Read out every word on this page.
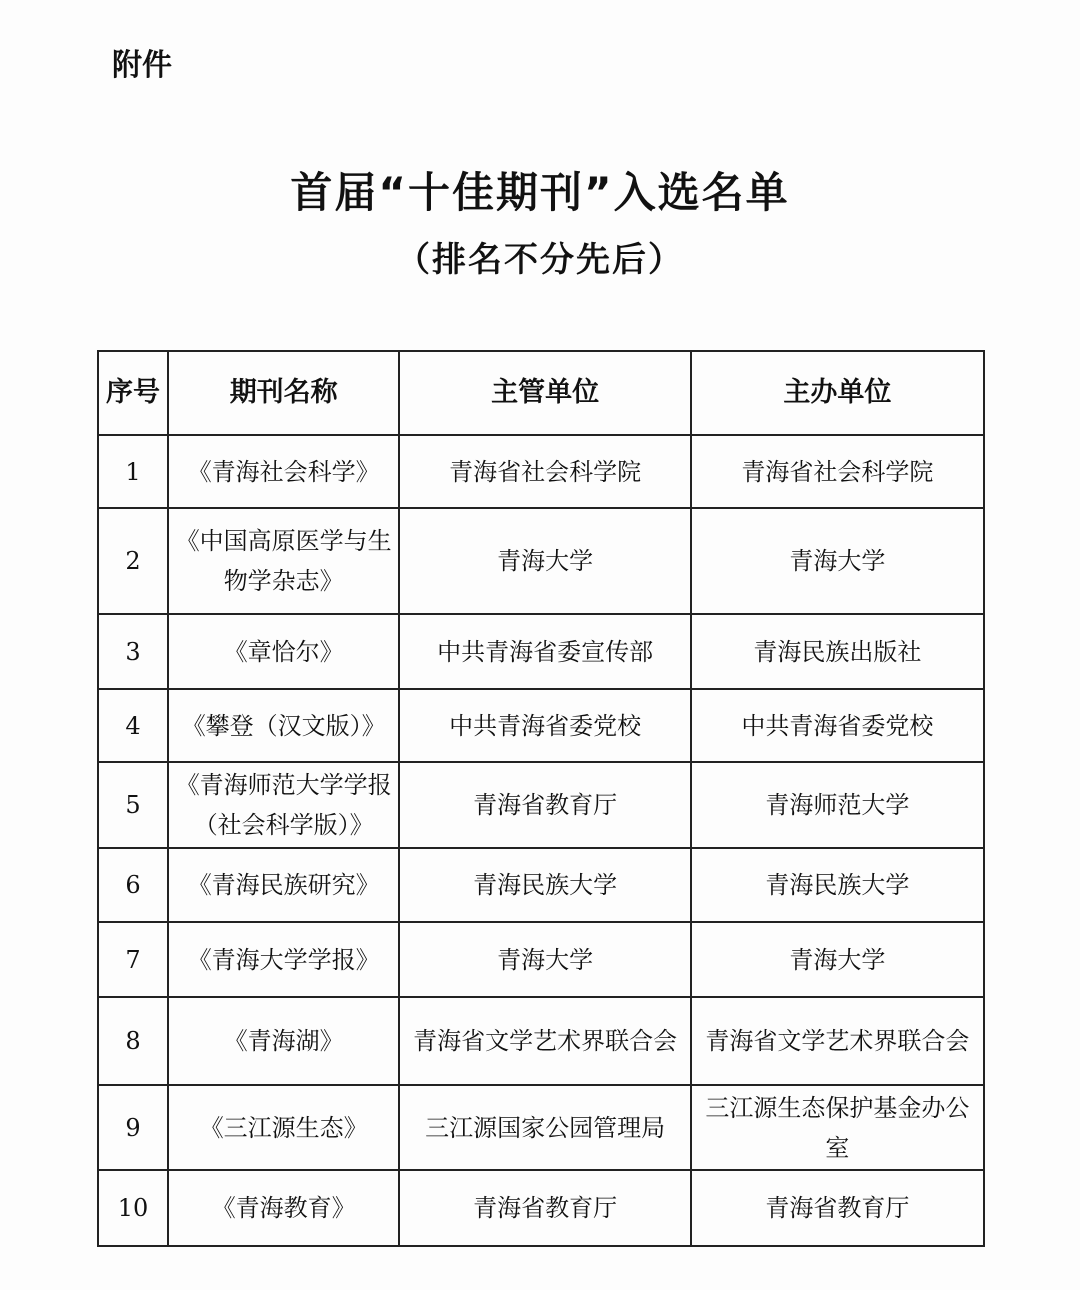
附件
首届“十佳期刊”入选名单
（排名不分先后）
序号	期刊名称	主管单位	主办单位
1	《青海社会科学》	青海省社会科学院	青海省社会科学院
2	《中国高原医学与生物学杂志》	青海大学	青海大学
3	《章恰尔》	中共青海省委宣传部	青海民族出版社
4	《攀登（汉文版）》	中共青海省委党校	中共青海省委党校
5	《青海师范大学学报（社会科学版）》	青海省教育厅	青海师范大学
6	《青海民族研究》	青海民族大学	青海民族大学
7	《青海大学学报》	青海大学	青海大学
8	《青海湖》	青海省文学艺术界联合会	青海省文学艺术界联合会
9	《三江源生态》	三江源国家公园管理局	三江源生态保护基金办公室
10	《青海教育》	青海省教育厅	青海省教育厅
